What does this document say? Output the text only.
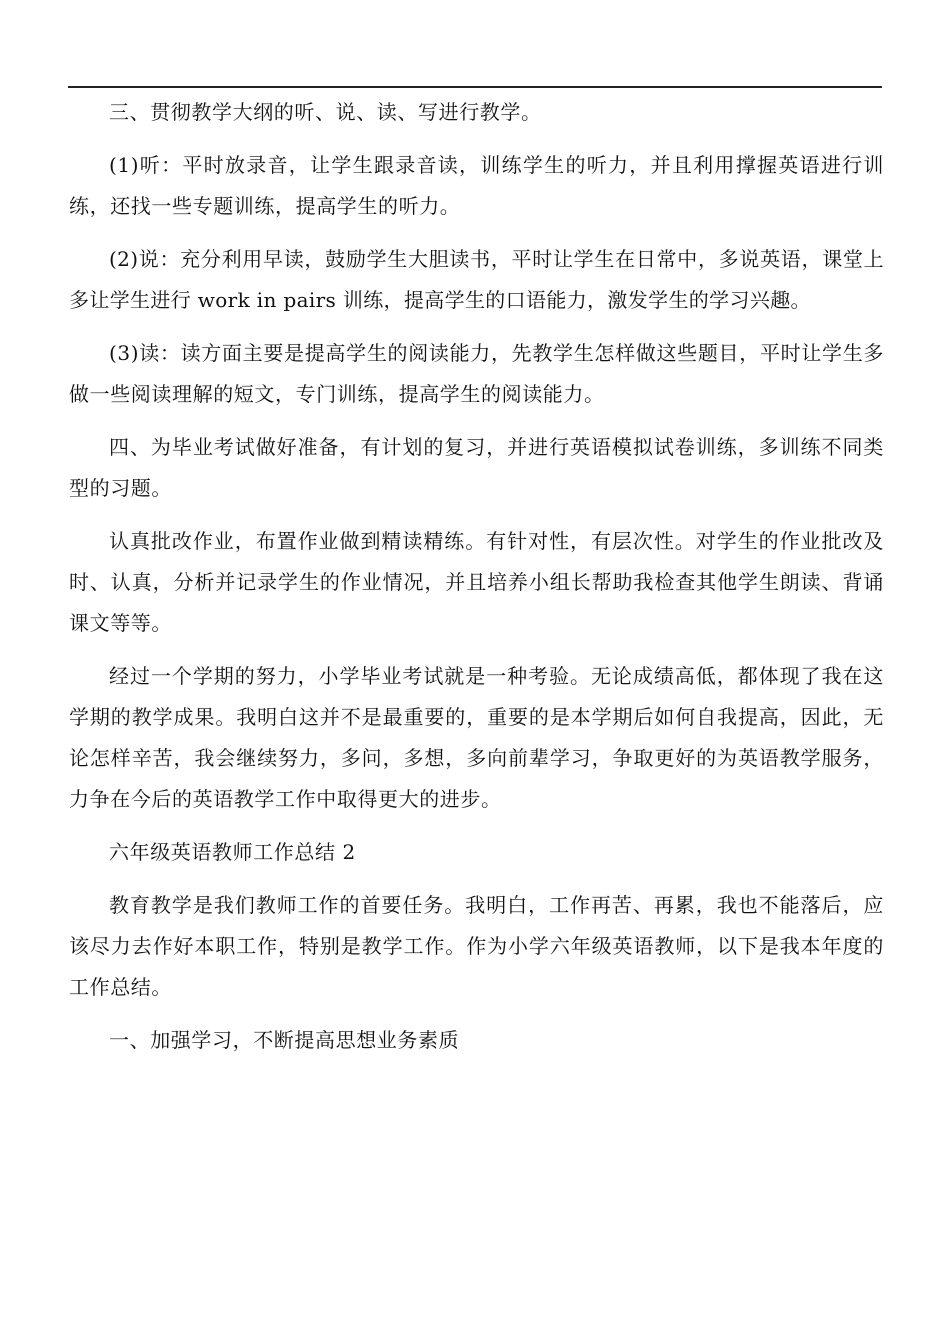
三、贯彻教学大纲的听、说、读、写进行教学。

(1)听：平时放录音，让学生跟录音读，训练学生的听力，并且利用撑握英语进行训练，还找一些专题训练，提高学生的听力。

(2)说：充分利用早读，鼓励学生大胆读书，平时让学生在日常中，多说英语，课堂上多让学生进行 work in pairs 训练，提高学生的口语能力，激发学生的学习兴趣。

(3)读：读方面主要是提高学生的阅读能力，先教学生怎样做这些题目，平时让学生多做一些阅读理解的短文，专门训练，提高学生的阅读能力。

四、为毕业考试做好准备，有计划的复习，并进行英语模拟试卷训练，多训练不同类型的习题。

认真批改作业，布置作业做到精读精练。有针对性，有层次性。对学生的作业批改及时、认真，分析并记录学生的作业情况，并且培养小组长帮助我检查其他学生朗读、背诵课文等等。

经过一个学期的努力，小学毕业考试就是一种考验。无论成绩高低，都体现了我在这学期的教学成果。我明白这并不是最重要的，重要的是本学期后如何自我提高，因此，无论怎样辛苦，我会继续努力，多问，多想，多向前辈学习，争取更好的为英语教学服务，力争在今后的英语教学工作中取得更大的进步。

六年级英语教师工作总结 2

教育教学是我们教师工作的首要任务。我明白，工作再苦、再累，我也不能落后，应该尽力去作好本职工作，特别是教学工作。作为小学六年级英语教师，以下是我本年度的工作总结。

一、加强学习，不断提高思想业务素质
